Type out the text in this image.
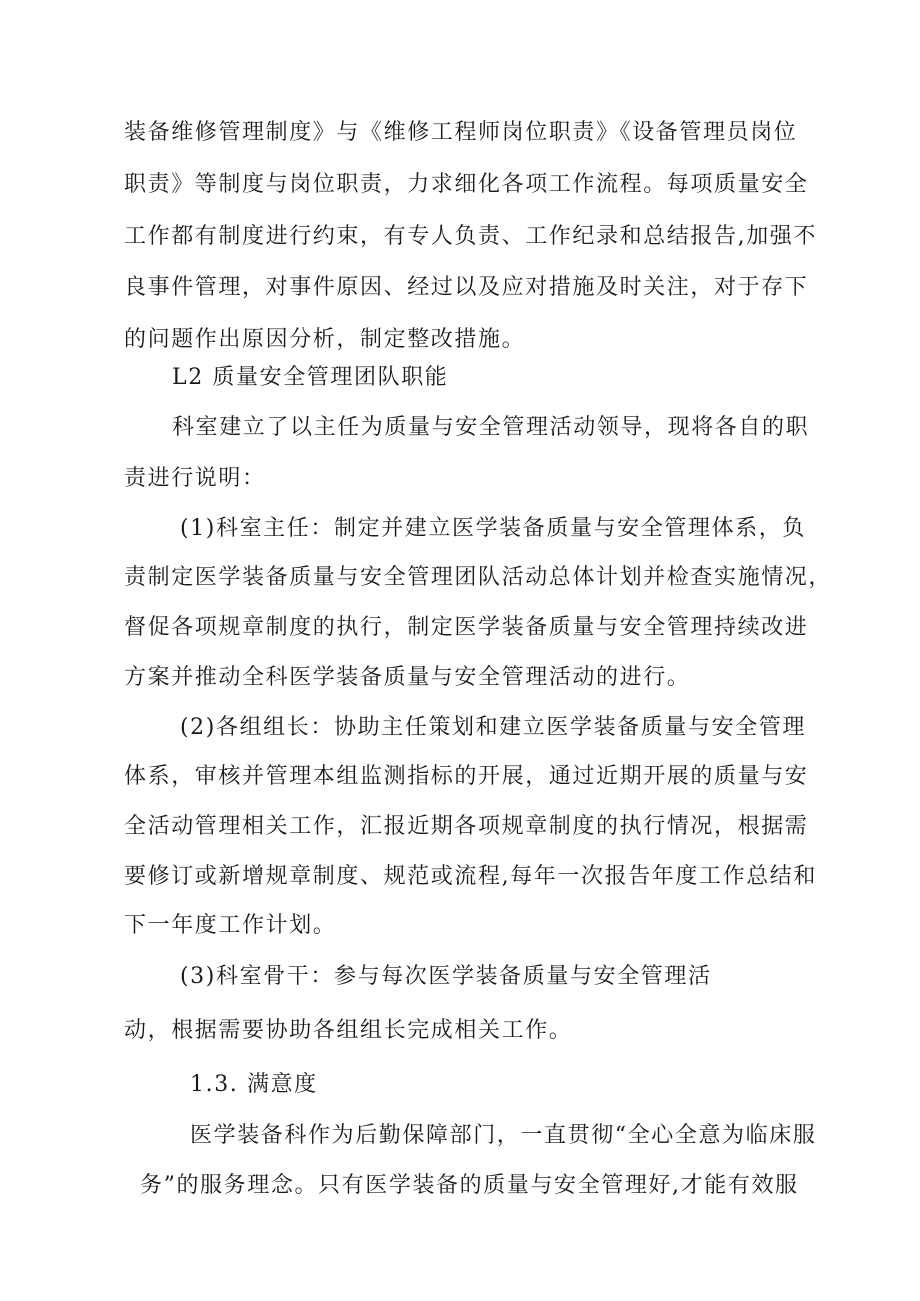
装备维修管理制度》与《维修工程师岗位职责》《设备管理员岗位
职责》等制度与岗位职责，力求细化各项工作流程。每项质量安全
工作都有制度进行约束，有专人负责、工作纪录和总结报告,加强不
良事件管理，对事件原因、经过以及应对措施及时关注，对于存下
的问题作出原因分析，制定整改措施。
L2 质量安全管理团队职能
科室建立了以主任为质量与安全管理活动领导，现将各自的职
责进行说明：
(1)科室主任：制定并建立医学装备质量与安全管理体系，负
责制定医学装备质量与安全管理团队活动总体计划并检查实施情况，
督促各项规章制度的执行，制定医学装备质量与安全管理持续改进
方案并推动全科医学装备质量与安全管理活动的进行。
(2)各组组长：协助主任策划和建立医学装备质量与安全管理
体系，审核并管理本组监测指标的开展，通过近期开展的质量与安
全活动管理相关工作，汇报近期各项规章制度的执行情况，根据需
要修订或新增规章制度、规范或流程,每年一次报告年度工作总结和
下一年度工作计划。
(3)科室骨干：参与每次医学装备质量与安全管理活
动，根据需要协助各组组长完成相关工作。
1.3. 满意度
医学装备科作为后勤保障部门，一直贯彻“全心全意为临床服
务”的服务理念。只有医学装备的质量与安全管理好,才能有效服
